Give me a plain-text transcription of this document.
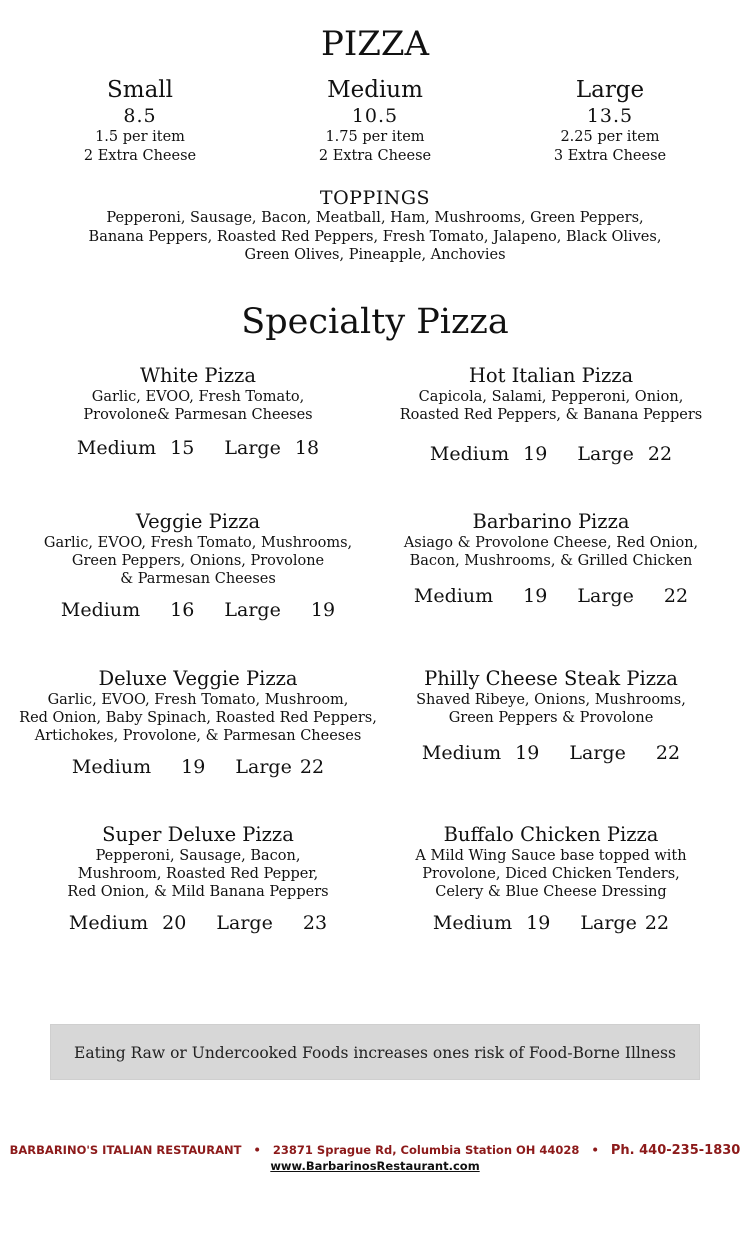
PIZZA
Small
8.5
1.5 per item
2 Extra Cheese
Medium
10.5
1.75 per item
2 Extra Cheese
Large
13.5
2.25 per item
3 Extra Cheese
TOPPINGS
Pepperoni, Sausage, Bacon, Meatball, Ham, Mushrooms, Green Peppers,
Banana Peppers, Roasted Red Peppers, Fresh Tomato, Jalapeno, Black Olives,
Green Olives, Pineapple, Anchovies
Specialty Pizza
White Pizza
Garlic, EVOO, Fresh Tomato,
Provolone& Parmesan Cheeses
Medium 15 Large 18
Hot Italian Pizza
Capicola, Salami, Pepperoni, Onion,
Roasted Red Peppers, & Banana Peppers
Medium 19 Large 22
Veggie Pizza
Garlic, EVOO, Fresh Tomato, Mushrooms,
Green Peppers, Onions, Provolone
& Parmesan Cheeses
Medium 16 Large 19
Barbarino Pizza
Asiago & Provolone Cheese, Red Onion,
Bacon, Mushrooms, & Grilled Chicken
Medium 19 Large 22
Deluxe Veggie Pizza
Garlic, EVOO, Fresh Tomato, Mushroom,
Red Onion, Baby Spinach, Roasted Red Peppers,
Artichokes, Provolone, & Parmesan Cheeses
Medium 19 Large 22
Philly Cheese Steak Pizza
Shaved Ribeye, Onions, Mushrooms,
Green Peppers & Provolone
Medium 19 Large 22
Super Deluxe Pizza
Pepperoni, Sausage, Bacon,
Mushroom, Roasted Red Pepper,
Red Onion, & Mild Banana Peppers
Medium 20 Large 23
Buffalo Chicken Pizza
A Mild Wing Sauce base topped with
Provolone, Diced Chicken Tenders,
Celery & Blue Cheese Dressing
Medium 19 Large 22
Eating Raw or Undercooked Foods increases ones risk of Food-Borne Illness
BARBARINO'S ITALIAN RESTAURANT • 23871 Sprague Rd, Columbia Station OH 44028 • Ph. 440-235-1830
www.BarbarinosRestaurant.com
